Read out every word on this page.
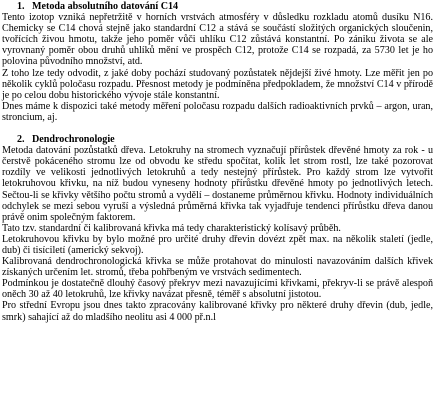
1. Metoda absolutního datování C14

Tento izotop vzniká nepřetržitě v horních vrstvách atmosféry v důsledku rozkladu atomů dusíku N16. Chemicky se C14 chová stejně jako standardní C12 a stává se součástí složitých organických sloučenin, tvořících živou hmotu, takže jeho poměr vůči uhlíku C12 zůstává konstantní. Po zániku života se ale vyrovnaný poměr obou druhů uhlíků mění ve prospěch C12, protože C14 se rozpadá, za 5730 let je ho polovina původního množství, atd.

Z toho lze tedy odvodit, z jaké doby pochází studovaný pozůstatek nějdejší živé hmoty. Lze měřit jen po několik cyklů poločasu rozpadu. Přesnost metody je podmíněna předpokladem, že množství C14 v přírodě je po celou dobu historického vývoje stále konstantní.

Dnes máme k dispozici také metody měření poločasu rozpadu dalších radioaktivních prvků – argon, uran, stroncium, aj.

2. Dendrochronologie

Metoda datování pozůstatků dřeva. Letokruhy na stromech vyznačují přírůstek dřevěné hmoty za rok - u čerstvě pokáceného stromu lze od obvodu ke středu spočítat, kolik let strom rostl, lze také pozorovat rozdíly ve velikosti jednotlivých letokruhů a tedy nestejný přírůstek. Pro každý strom lze vytvořit letokruhovou křivku, na níž budou vyneseny hodnoty přírůstku dřevěné hmoty po jednotlivých letech. Sečtou-li se křivky většího počtu stromů a vydělí – dostaneme průměrnou křivku. Hodnoty individuálních odchylek se mezi sebou vyruší a výsledná průměrná křivka tak vyjadřuje tendenci přírůstku dřeva danou právě onim společným faktorem.

Tato tzv. standardní či kalibrovaná křivka má tedy charakteristický kolísavý průběh.

Letokruhovou křivku by bylo možné pro určité druhy dřevin dovézt zpět max. na několik staletí (jedle, dub) či tisíciletí (americký sekvoj).

Kalibrovaná dendrochronologická křivka se může protahovat do minulosti navazováním dalších křivek získaných určením let. stromů, třeba pohřbeným ve vrstvách sedimentech.

Podmínkou je dostatečně dlouhý časový překryv mezi navazujícími křivkami, překryv-li se právě alespoň oněch 30 až 40 letokruhů, lze křivky navázat přesně, téměř s absolutní jistotou.

Pro střední Evropu jsou dnes takto zpracovány kalibrované křivky pro některé druhy dřevin (dub, jedle, smrk) sahající až do mladšího neolitu asi 4 000 př.n.l
